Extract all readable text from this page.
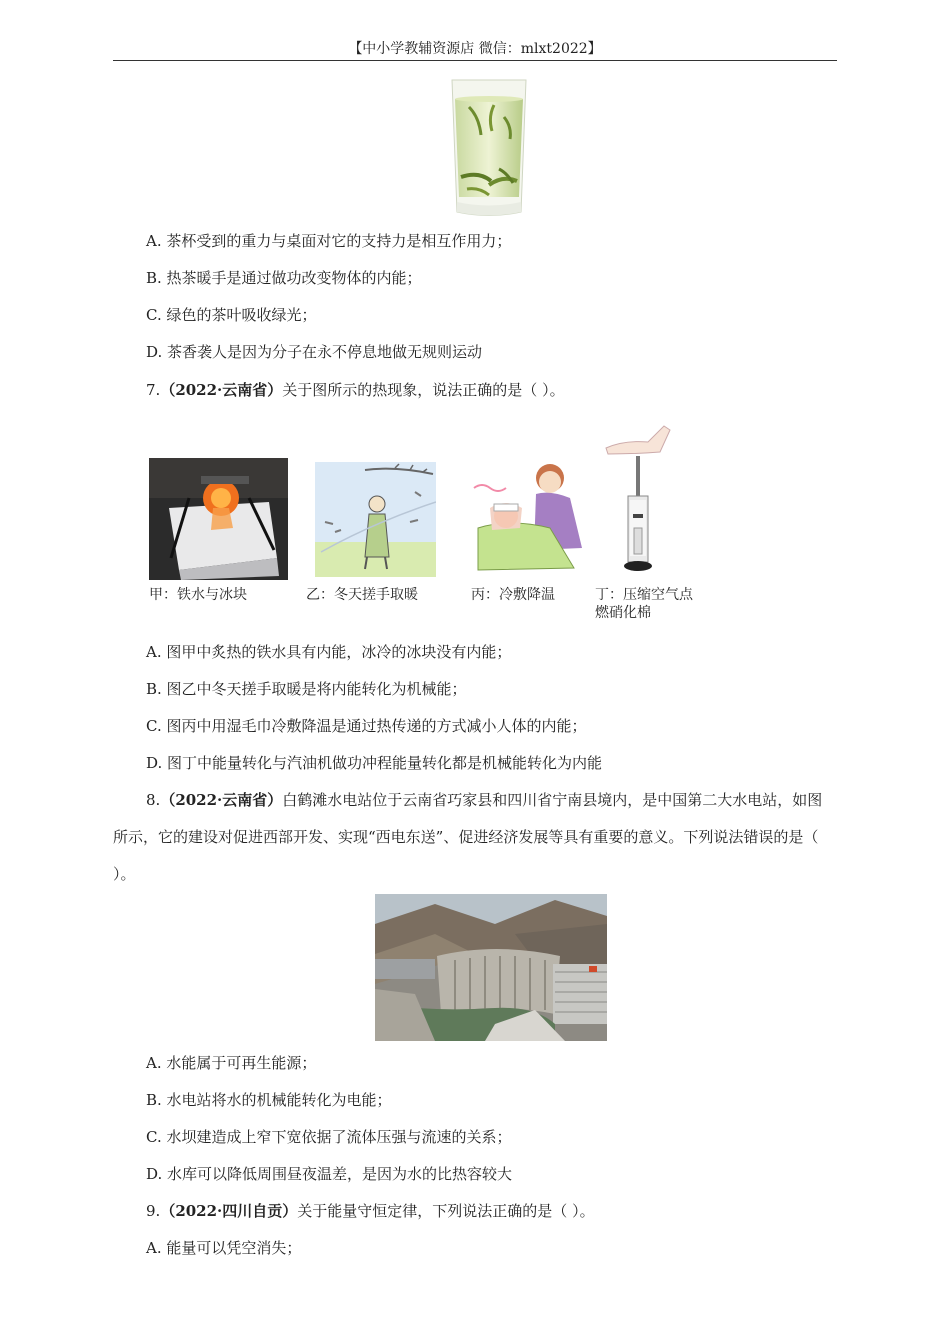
【中小学教辅资源店 微信：mlxt2022】
A. 茶杯受到的重力与桌面对它的支持力是相互作用力；
B. 热茶暖手是通过做功改变物体的内能；
C. 绿色的茶叶吸收绿光；
D. 茶香袭人是因为分子在永不停息地做无规则运动
7.（2022·云南省）关于图所示的热现象，说法正确的是（ ）。
甲：铁水与冰块	乙：冬天搓手取暖	丙：冷敷降温	丁：压缩空气点
燃硝化棉
A. 图甲中炙热的铁水具有内能，冰冷的冰块没有内能；
B. 图乙中冬天搓手取暖是将内能转化为机械能；
C. 图丙中用湿毛巾冷敷降温是通过热传递的方式减小人体的内能；
D. 图丁中能量转化与汽油机做功冲程能量转化都是机械能转化为内能
8.（2022·云南省）白鹤滩水电站位于云南省巧家县和四川省宁南县境内，是中国第二大水电站，如图所示，它的建设对促进西部开发、实现“西电东送”、促进经济发展等具有重要的意义。下列说法错误的是（ ）。
A. 水能属于可再生能源；
B. 水电站将水的机械能转化为电能；
C. 水坝建造成上窄下宽依据了流体压强与流速的关系；
D. 水库可以降低周围昼夜温差，是因为水的比热容较大
9.（2022·四川自贡）关于能量守恒定律，下列说法正确的是（ ）。
A. 能量可以凭空消失；
